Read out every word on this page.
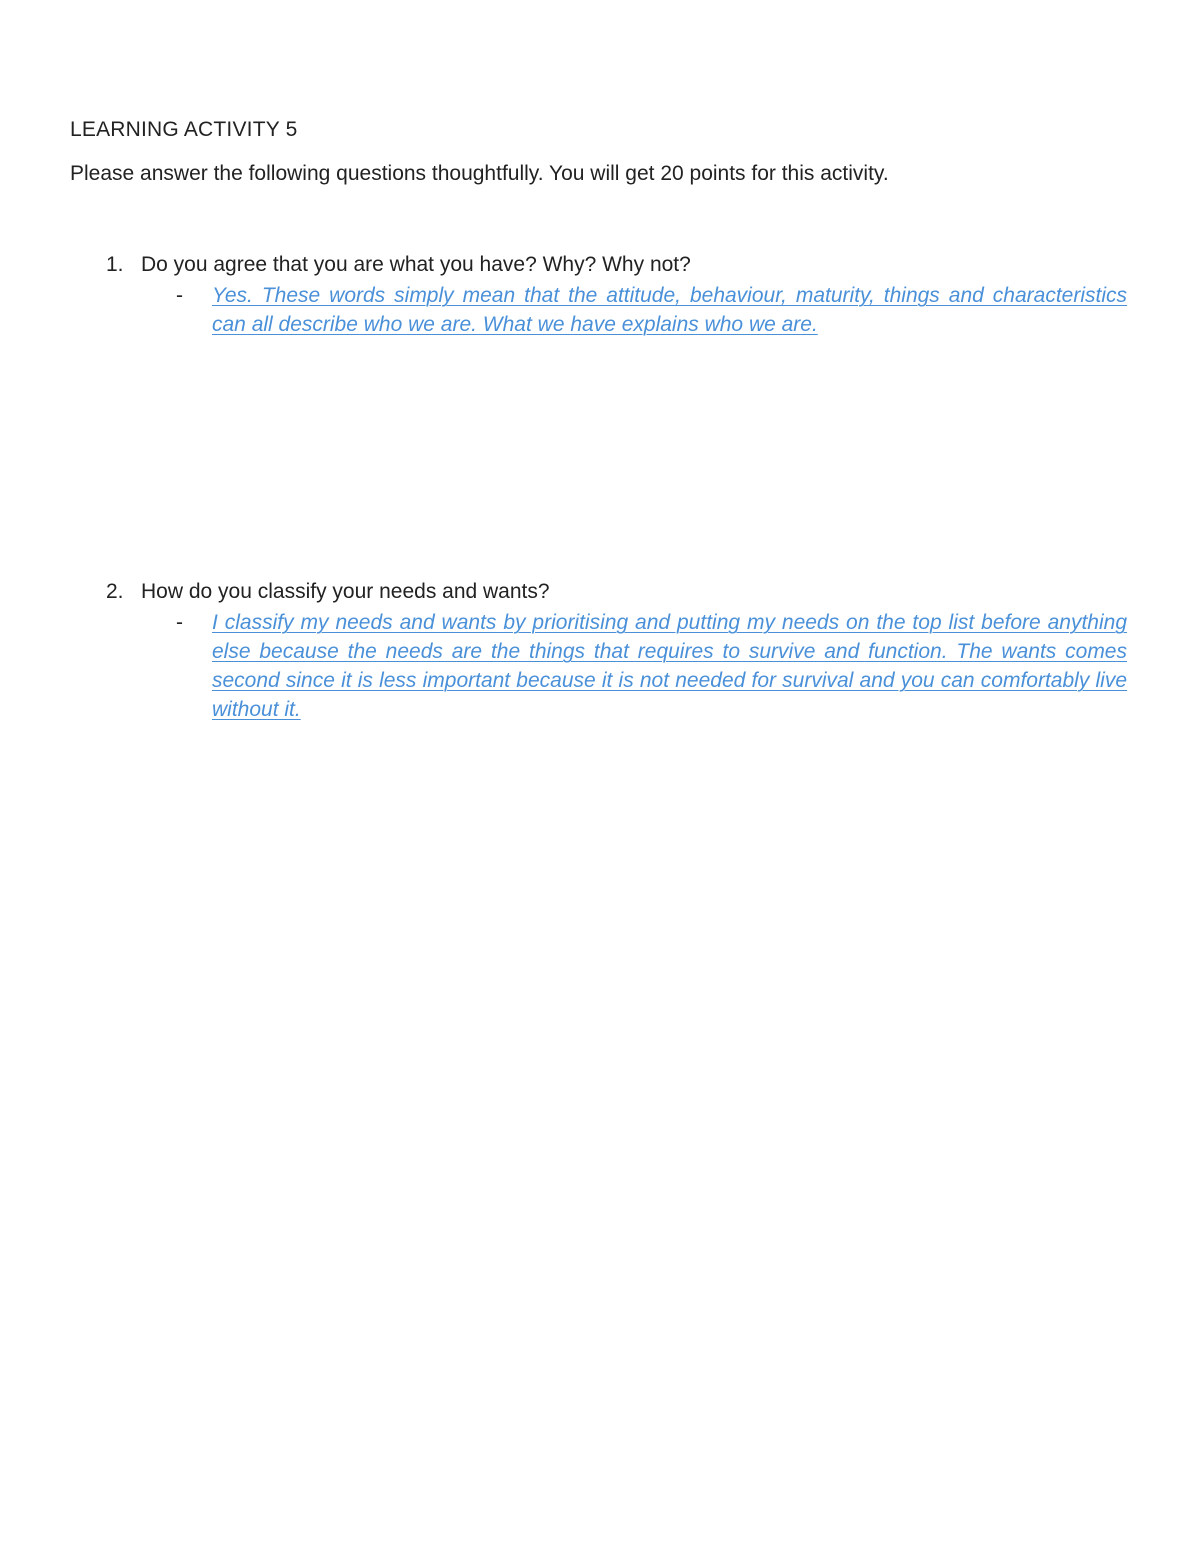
LEARNING ACTIVITY 5
Please answer the following questions thoughtfully. You will get 20 points for this activity.
1. Do you agree that you are what you have? Why? Why not?
- Yes. These words simply mean that the attitude, behaviour, maturity, things and characteristics can all describe who we are. What we have explains who we are.
2. How do you classify your needs and wants?
- I classify my needs and wants by prioritising and putting my needs on the top list before anything else because the needs are the things that requires to survive and function. The wants comes second since it is less important because it is not needed for survival and you can comfortably live without it.
